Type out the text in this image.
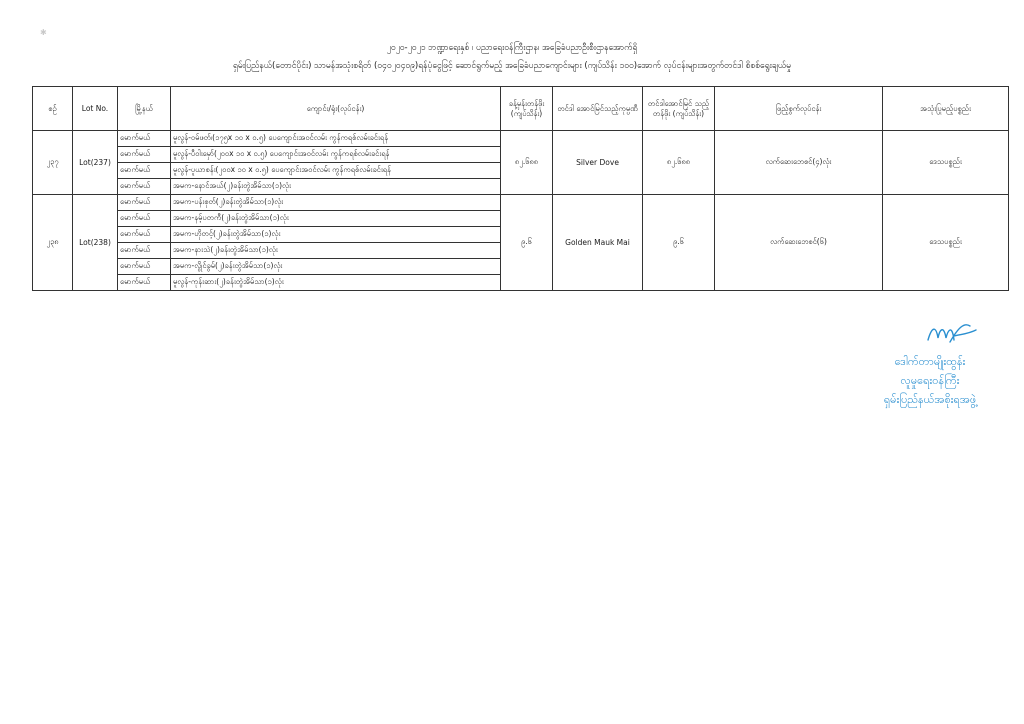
✱
၂၀၂၀-၂၀၂၁ ဘဏ္ဍာရေးနှစ် ၊ ပညာရေးဝန်ကြီးဌာန၊ အခြေခံပညာဦးစီးဌာနအောက်ရှိ
ရှမ်းပြည်နယ်(တောင်ပိုင်း) သာမန်အသုံးစရိတ် (၀၄၀၂၀၄၀၉)ရန်ပုံငွေဖြင့် ဆောင်ရွက်မည့် အခြေခံပညာကျောင်းများ (ကျပ်သိန်း ၁၀၀)အောက် လုပ်ငန်းများအတွက်တင်ဒါ စိစစ်ရွေးချယ်မှု
စဉ်	Lot No.	မြို့နယ်	ကျောင်း/ရုံး(လုပ်ငန်း)	ခန့်မှန်းတန်ဖိုး (ကျပ်သိန်း)	တင်ဒါ အောင်မြင်သည့်ကုမ္ပဏီ	တင်ဒါအောင်မြင် သည့်တန်ဖိုး (ကျပ်သိန်း)	ဖြည့်စွက်လုပ်ငန်း	အသုံးပြုမည့်ပစ္စည်း
၂၃၇	Lot(237)	မောက်မယ်	မူလွန်-ဝမ်ဖတ်၊(၁၇၅x ၁၀ x ၀.၅) ပေကျောင်းအဝင်လမ်း ကွန်ကရစ်လမ်းခင်းရန်	၈၂.၆၈၈	Silver Dove	၈၂.၆၈၈	လက်ဆေးဘေစင်(၄)လုံး	ဒေသပစ္စည်း
		မောက်မယ်	မူလွန်-ပီဝါးမှော်(၂၀၀x ၁၀ x ၀.၅) ပေကျောင်းအဝင်လမ်း ကွန်ကရစ်လမ်းခင်းရန်					
		မောက်မယ်	မူလွန်-ပူယာစန်း(၂၀၀x ၁၀ x ၀.၅) ပေကျောင်းအဝင်လမ်း ကွန်ကရစ်လမ်းခင်းရန်					
		မောက်မယ်	အမက-နောင်အယ်(၂)ခန်းတွဲအိမ်သာ(၁)လုံး					
၂၃၈	Lot(238)	မောက်မယ်	အမက-ပန်းစုတ်(၂)ခန်းတွဲအိမ်သာ(၁)လုံး	၉.၆	Golden Mauk Mai	၉.၆	လက်ဆေးဘေစင်(၆)	ဒေသပစ္စည်း
		မောက်မယ်	အမက-နမ့်ပတကီ(၂)ခန်းတွဲအိမ်သာ(၁)လုံး					
		မောက်မယ်	အမက-ဟိုတင့်(၂)ခန်းတွဲအိမ်သာ(၁)လုံး					
		မောက်မယ်	အမက-နားသဲ(၂)ခန်းတွဲအိမ်သာ(၁)လုံး					
		မောက်မယ်	အမက-လွိုင်ခွမ်(၂)ခန်းတွဲအိမ်သာ(၁)လုံး					
		မောက်မယ်	မူလွန်-ကုန်းဆား(၂)ခန်းတွဲအိမ်သာ(၁)လုံး					
ဒေါက်တာမျိုးထွန်း
လူမှုရေးဝန်ကြီး
ရှမ်းပြည်နယ်အစိုးရအဖွဲ့
